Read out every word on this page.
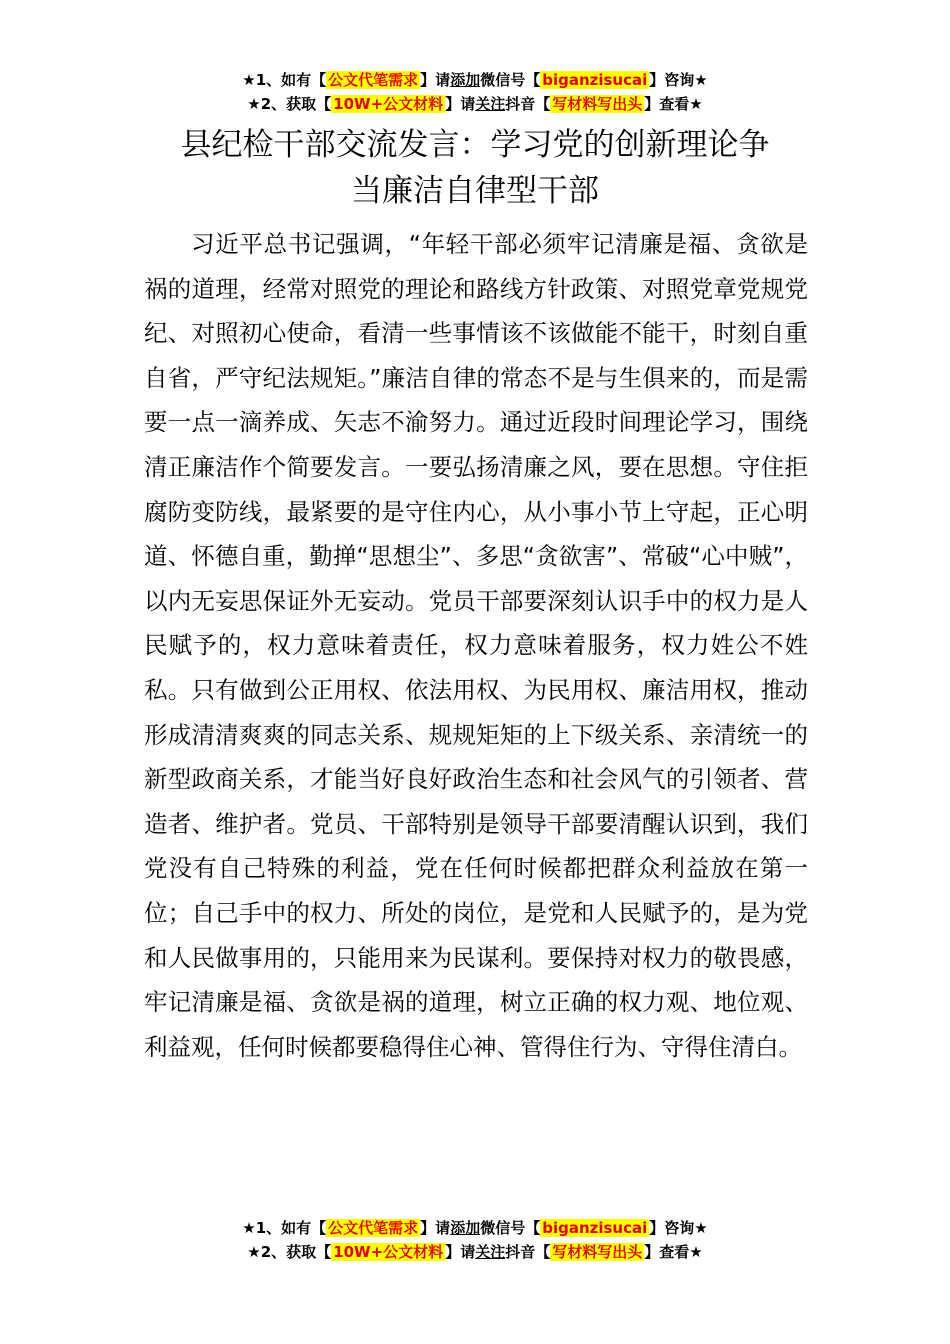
★1、如有【 公文代笔需求 】请添加微信号【 biganzisucai 】咨询★
★2、获取【 10W+公文材料 】请关注抖音【 写材料写出头 】查看★
县纪检干部交流发言：学习党的创新理论争
当廉洁自律型干部

习近平总书记强调，“年轻干部必须牢记清廉是福、贪欲是祸的道理，经常对照党的理论和路线方针政策、对照党章党规党纪、对照初心使命，看清一些事情该不该做能不能干，时刻自重自省，严守纪法规矩。”廉洁自律的常态不是与生俱来的，而是需要一点一滴养成、矢志不渝努力。通过近段时间理论学习，围绕清正廉洁作个简要发言。一要弘扬清廉之风，要在思想。守住拒腐防变防线，最紧要的是守住内心，从小事小节上守起，正心明道、怀德自重，勤掸“思想尘”、多思“贪欲害”、常破“心中贼”，以内无妄思保证外无妄动。党员干部要深刻认识手中的权力是人民赋予的，权力意味着责任，权力意味着服务，权力姓公不姓私。只有做到公正用权、依法用权、为民用权、廉洁用权，推动形成清清爽爽的同志关系、规规矩矩的上下级关系、亲清统一的新型政商关系，才能当好良好政治生态和社会风气的引领者、营造者、维护者。党员、干部特别是领导干部要清醒认识到，我们党没有自己特殊的利益，党在任何时候都把群众利益放在第一位；自己手中的权力、所处的岗位，是党和人民赋予的，是为党和人民做事用的，只能用来为民谋利。要保持对权力的敬畏感，牢记清廉是福、贪欲是祸的道理，树立正确的权力观、地位观、利益观，任何时候都要稳得住心神、管得住行为、守得住清白。

★1、如有【 公文代笔需求 】请添加微信号【 biganzisucai 】咨询★
★2、获取【 10W+公文材料 】请关注抖音【 写材料写出头 】查看★
